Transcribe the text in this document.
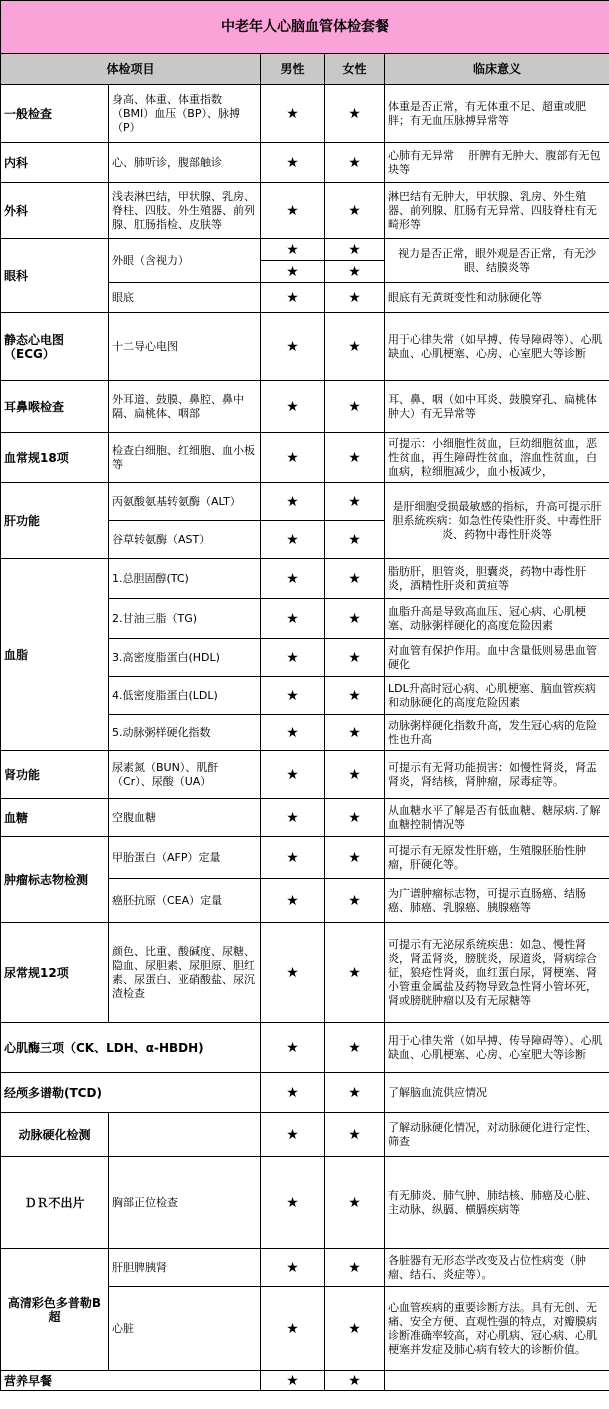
中老年人心脑血管体检套餐				
体检项目		男性	女性	临床意义
一般检查	身高、体重、体重指数（BMI）血压（BP）、脉搏（P）	★	★	体重是否正常，有无体重不足、超重或肥胖；有无血压脉搏异常等
内科	心、肺听诊，腹部触诊	★	★	心肺有无异常　 肝脾有无肿大、腹部有无包块等
外科	浅表淋巴结，甲状腺、乳房、脊柱、四肢、外生殖器、前列腺、肛肠指检、皮肤等	★	★	淋巴结有无肿大，甲状腺、乳房、外生殖器、前列腺、肛肠有无异常、四肢脊柱有无畸形等
眼科	外眼（含视力）	★	★	视力是否正常，眼外观是否正常，有无沙眼、结膜炎等
		★	★	
	眼底	★	★	眼底有无黄斑变性和动脉硬化等
静态心电图（ECG）	十二导心电图	★	★	用于心律失常（如早搏、传导障碍等）、心肌缺血、心肌梗塞、心房、心室肥大等诊断
耳鼻喉检查	外耳道、鼓膜、鼻腔、鼻中隔、扁桃体、咽部	★	★	耳、鼻、咽（如中耳炎、鼓膜穿孔、扁桃体肿大）有无异常等
血常规18项	检查白细胞、红细胞、血小板等	★	★	可提示：小细胞性贫血，巨幼细胞贫血，恶性贫血，再生障碍性贫血，溶血性贫血，白血病，粒细胞减少，血小板减少，
肝功能	丙氨酸氨基转氨酶（ALT）	★	★	是肝细胞受损最敏感的指标，升高可提示肝胆系統疾病：如急性传染性肝炎、中毒性肝炎、药物中毒性肝炎等
	谷草转氨酶（AST）	★	★	
血脂	1.总胆固醇(TC)	★	★	脂肪肝，胆管炎，胆囊炎，药物中毒性肝炎，酒精性肝炎和黄疸等
	2.甘油三脂（TG)	★	★	血脂升高是导致高血压、冠心病、心肌梗塞、动脉粥样硬化的高度危险因素
	3.高密度脂蛋白(HDL)	★	★	对血管有保护作用。血中含量低则易患血管硬化
	4.低密度脂蛋白(LDL)	★	★	LDL升高时冠心病、心肌梗塞、脑血管疾病和动脉硬化的高度危险因素
	5.动脉粥样硬化指数	★	★	动脉粥样硬化指数升高，发生冠心病的危险性也升高
肾功能	尿素氮（BUN）、肌酐（Cr）、尿酸（UA）	★	★	可提示有无肾功能损害：如慢性肾炎，肾盂肾炎，肾结核，肾肿瘤，尿毒症等。
血糖	空腹血糖	★	★	从血糖水平了解是否有低血糖、糖尿病.了解血糖控制情况等
肿瘤标志物检测	甲胎蛋白（AFP）定量	★	★	可提示有无原发性肝癌，生殖腺胚胎性肿瘤，肝硬化等。
	癌胚抗原（CEA）定量	★	★	为广谱肿瘤标志物，可提示直肠癌、结肠癌、肺癌、乳腺癌、胰腺癌等
尿常规12项	颜色、比重、酸碱度、尿糖、隐血、尿胆素、尿胆原、胆红素、尿蛋白、亚硝酸盐、尿沉渣检查	★	★	可提示有无泌尿系统疾患：如急、慢性肾炎，肾盂肾炎，膀胱炎，尿道炎，肾病综合征，狼疮性肾炎，血红蛋白尿，肾梗塞、肾小管重金属盐及药物导致急性肾小管坏死，肾或膀胱肿瘤以及有无尿糖等
心肌酶三项（CK、LDH、α-HBDH)		★	★	用于心律失常（如早搏、传导障碍等）、心肌缺血、心肌梗塞、心房、心室肥大等诊断
经颅多谱勒(TCD)		★	★	了解脑血流供应情况
动脉硬化检测		★	★	了解动脉硬化情况，对动脉硬化进行定性、筛查
ＤＲ不出片	胸部正位检查	★	★	有无肺炎、肺气肿、肺结核、肺癌及心脏、主动脉、纵膈、横膈疾病等
高清彩色多普勒B超	肝胆脾胰肾	★	★	各脏器有无形态学改变及占位性病变（肿瘤、结石、炎症等）。
	心脏	★	★	心血管疾病的重要诊断方法。具有无创、无痛、安全方便、直观性强的特点，对瓣膜病诊断准确率较高，对心肌病、冠心病、心肌梗塞并发症及肺心病有较大的诊断价值。
营养早餐		★	★	
